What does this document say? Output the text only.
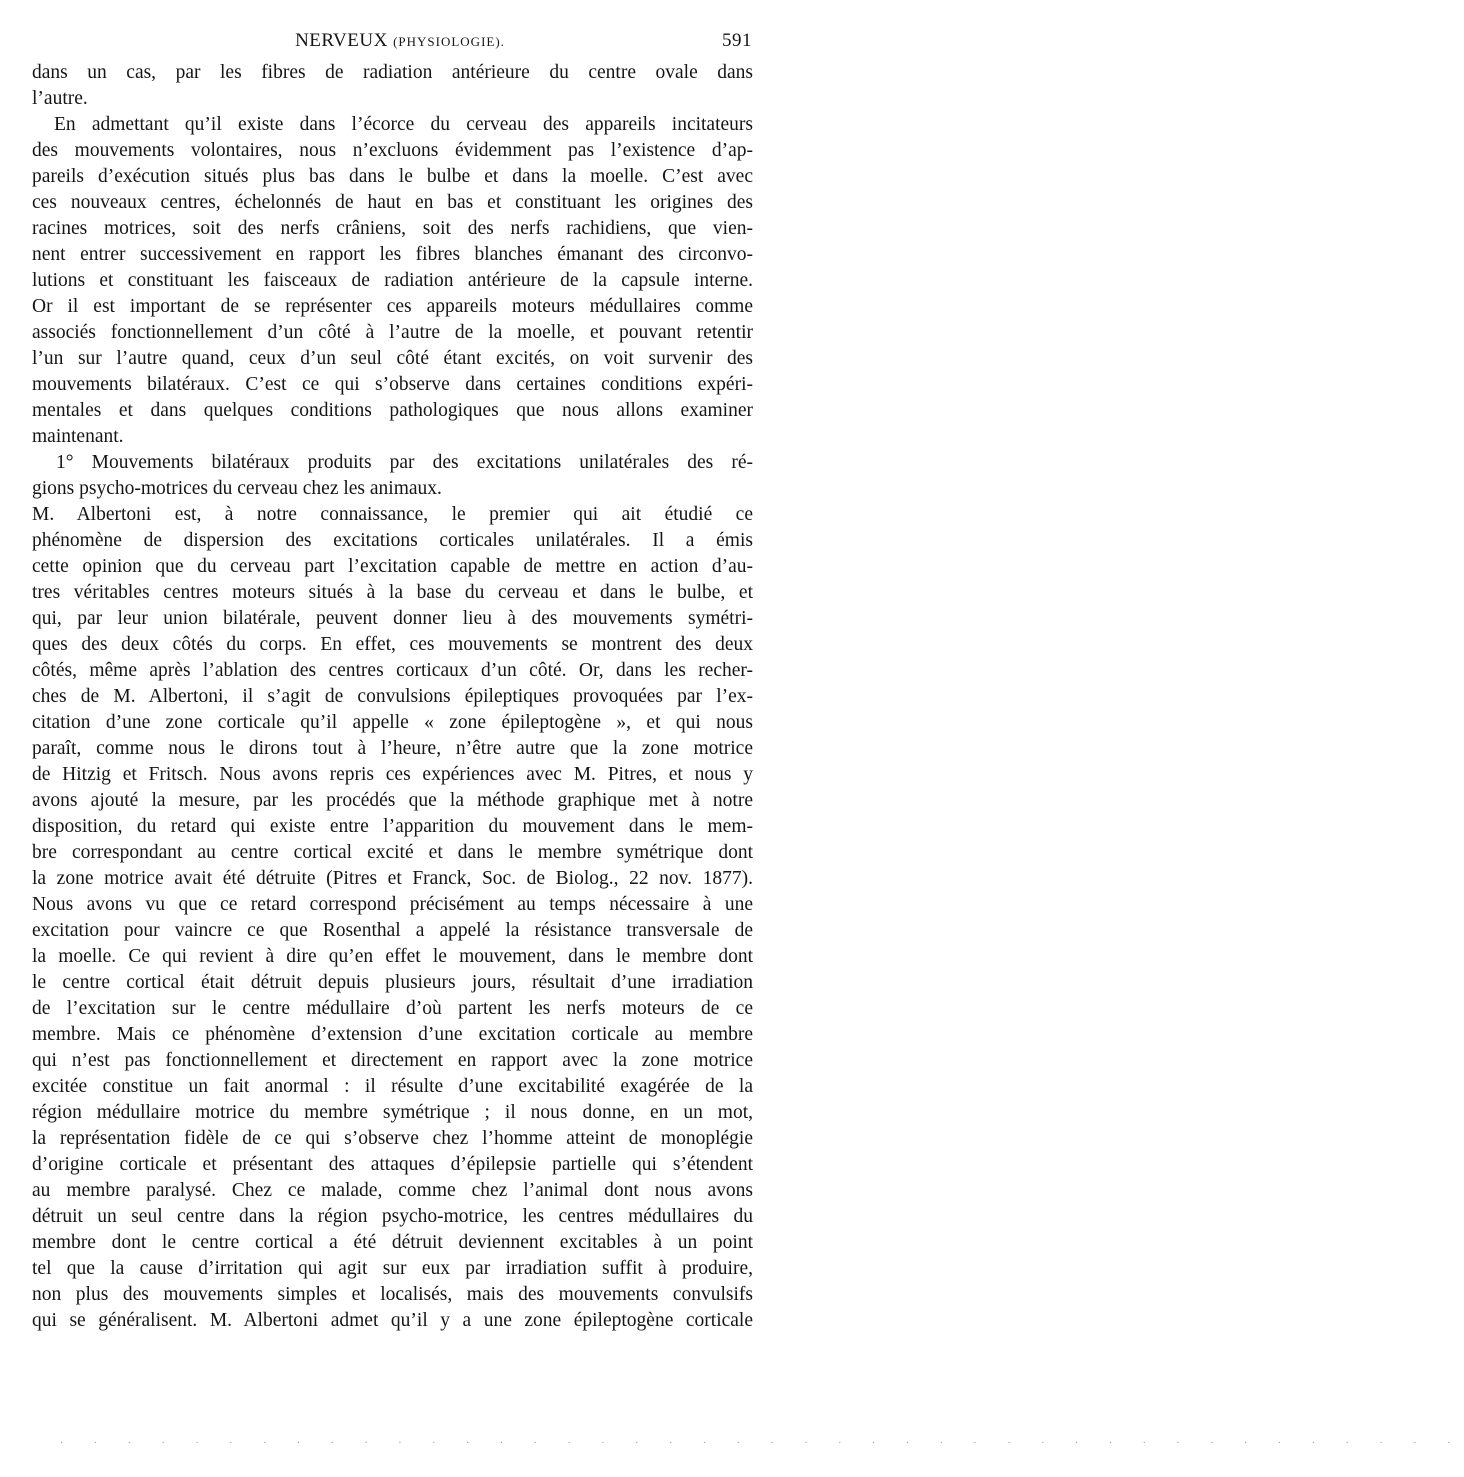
NERVEUX (PHYSIOLOGIE).	591
dans un cas, par les fibres de radiation antérieure du centre ovale dans
l’autre.
En admettant qu’il existe dans l’écorce du cerveau des appareils incitateurs
des mouvements volontaires, nous n’excluons évidemment pas l’existence d’ap-
pareils d’exécution situés plus bas dans le bulbe et dans la moelle. C’est avec
ces nouveaux centres, échelonnés de haut en bas et constituant les origines des
racines motrices, soit des nerfs crâniens, soit des nerfs rachidiens, que vien-
nent entrer successivement en rapport les fibres blanches émanant des circonvo-
lutions et constituant les faisceaux de radiation antérieure de la capsule interne.
Or il est important de se représenter ces appareils moteurs médullaires comme
associés fonctionnellement d’un côté à l’autre de la moelle, et pouvant retentir
l’un sur l’autre quand, ceux d’un seul côté étant excités, on voit survenir des
mouvements bilatéraux. C’est ce qui s’observe dans certaines conditions expéri-
mentales et dans quelques conditions pathologiques que nous allons examiner
maintenant.
1° Mouvements bilatéraux produits par des excitations unilatérales des ré-
gions psycho-motrices du cerveau chez les animaux.
M. Albertoni est, à notre connaissance, le premier qui ait étudié ce
phénomène de dispersion des excitations corticales unilatérales. Il a émis
cette opinion que du cerveau part l’excitation capable de mettre en action d’au-
tres véritables centres moteurs situés à la base du cerveau et dans le bulbe, et
qui, par leur union bilatérale, peuvent donner lieu à des mouvements symétri-
ques des deux côtés du corps. En effet, ces mouvements se montrent des deux
côtés, même après l’ablation des centres corticaux d’un côté. Or, dans les recher-
ches de M. Albertoni, il s’agit de convulsions épileptiques provoquées par l’ex-
citation d’une zone corticale qu’il appelle « zone épileptogène », et qui nous
paraît, comme nous le dirons tout à l’heure, n’être autre que la zone motrice
de Hitzig et Fritsch. Nous avons repris ces expériences avec M. Pitres, et nous y
avons ajouté la mesure, par les procédés que la méthode graphique met à notre
disposition, du retard qui existe entre l’apparition du mouvement dans le mem-
bre correspondant au centre cortical excité et dans le membre symétrique dont
la zone motrice avait été détruite (Pitres et Franck, Soc. de Biolog., 22 nov. 1877).
Nous avons vu que ce retard correspond précisément au temps nécessaire à une
excitation pour vaincre ce que Rosenthal a appelé la résistance transversale de
la moelle. Ce qui revient à dire qu’en effet le mouvement, dans le membre dont
le centre cortical était détruit depuis plusieurs jours, résultait d’une irradiation
de l’excitation sur le centre médullaire d’où partent les nerfs moteurs de ce
membre. Mais ce phénomène d’extension d’une excitation corticale au membre
qui n’est pas fonctionnellement et directement en rapport avec la zone motrice
excitée constitue un fait anormal : il résulte d’une excitabilité exagérée de la
région médullaire motrice du membre symétrique ; il nous donne, en un mot,
la représentation fidèle de ce qui s’observe chez l’homme atteint de monoplégie
d’origine corticale et présentant des attaques d’épilepsie partielle qui s’étendent
au membre paralysé. Chez ce malade, comme chez l’animal dont nous avons
détruit un seul centre dans la région psycho-motrice, les centres médullaires du
membre dont le centre cortical a été détruit deviennent excitables à un point
tel que la cause d’irritation qui agit sur eux par irradiation suffit à produire,
non plus des mouvements simples et localisés, mais des mouvements convulsifs
qui se généralisent. M. Albertoni admet qu’il y a une zone épileptogène corticale
· · · · · · · · · · · · · · · · · · · · · · · · · · · · · · · · · · · · · · · · · ·
